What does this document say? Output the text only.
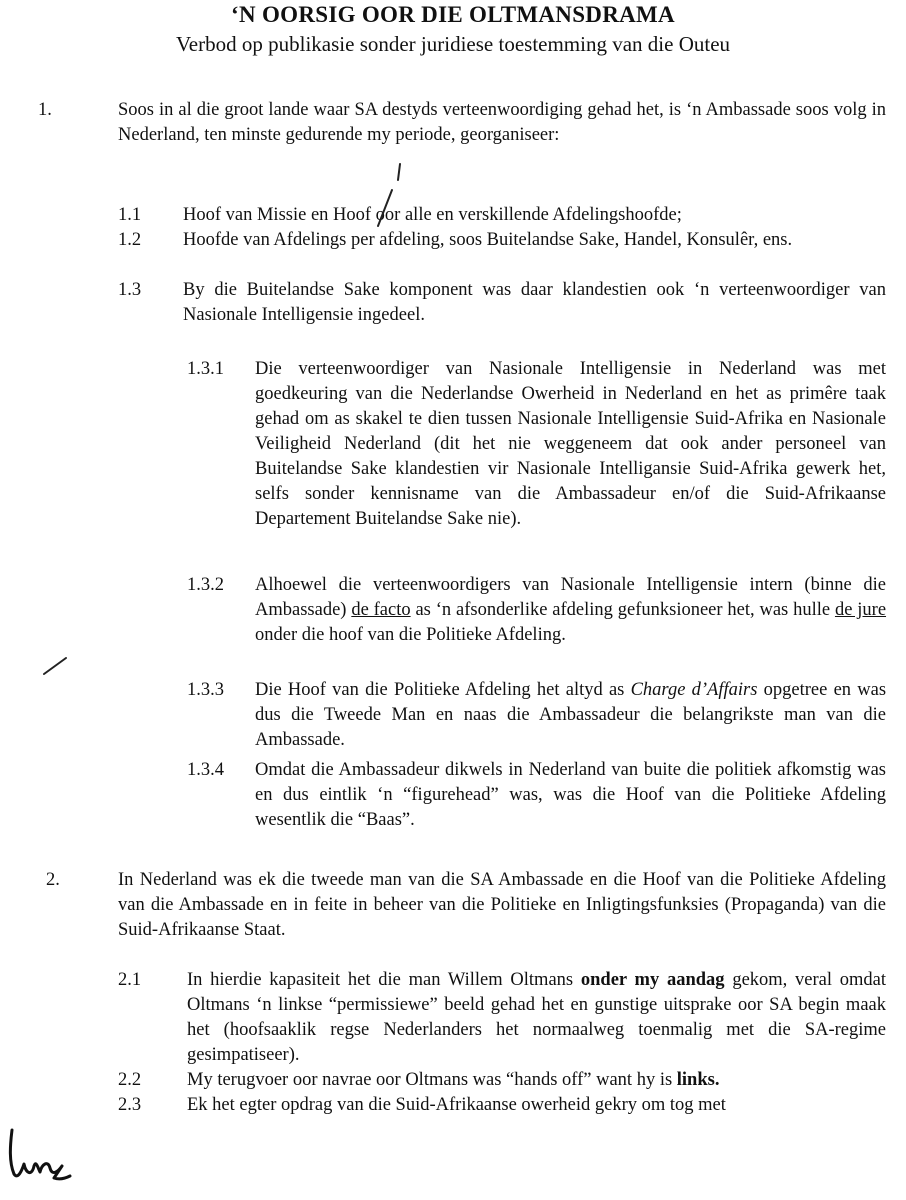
‘N OORSIG OOR DIE OLTMANSDRAMA
Verbod op publikasie sonder juridiese toestemming van die Outeu
1.	Soos in al die groot lande waar SA destyds verteenwoordiging gehad het, is ‘n Ambassade soos volg in Nederland, ten minste gedurende my periode, georganiseer:
1.1 Hoof van Missie en Hoof oor alle en verskillende Afdelingshoofde;
1.2 Hoofde van Afdelings per afdeling, soos Buitelandse Sake, Handel, Konsulêr, ens.
1.3 By die Buitelandse Sake komponent was daar klandestien ook ‘n verteenwoordiger van Nasionale Intelligensie ingedeel.
1.3.1 Die verteenwoordiger van Nasionale Intelligensie in Nederland was met goedkeuring van die Nederlandse Owerheid in Nederland en het as primêre taak gehad om as skakel te dien tussen Nasionale Intelligensie Suid-Afrika en Nasionale Veiligheid Nederland (dit het nie weggeneem dat ook ander personeel van Buitelandse Sake klandestien vir Nasionale Intelligansie Suid-Afrika gewerk het, selfs sonder kennisname van die Ambassadeur en/of die Suid-Afrikaanse Departement Buitelandse Sake nie).
1.3.2 Alhoewel die verteenwoordigers van Nasionale Intelligensie intern (binne die Ambassade) de facto as ‘n afsonderlike afdeling gefunksioneer het, was hulle de jure onder die hoof van die Politieke Afdeling.
1.3.3 Die Hoof van die Politieke Afdeling het altyd as Charge d’Affairs opgetree en was dus die Tweede Man en naas die Ambassadeur die belangrikste man van die Ambassade.
1.3.4 Omdat die Ambassadeur dikwels in Nederland van buite die politiek afkomstig was en dus eintlik ‘n “figurehead” was, was die Hoof van die Politieke Afdeling wesentlik die “Baas”.
2.	In Nederland was ek die tweede man van die SA Ambassade en die Hoof van die Politieke Afdeling van die Ambassade en in feite in beheer van die Politieke en Inligtingsfunksies (Propaganda) van die Suid-Afrikaanse Staat.
2.1 In hierdie kapasiteit het die man Willem Oltmans onder my aandag gekom, veral omdat Oltmans ‘n linkse “permissiewe” beeld gehad het en gunstige uitsprake oor SA begin maak het (hoofsaaklik regse Nederlanders het normaalweg toenmalig met die SA-regime gesimpatiseer).
2.2 My terugvoer oor navrae oor Oltmans was “hands off” want hy is links.
2.3 Ek het egter opdrag van die Suid-Afrikaanse owerheid gekry om tog met
